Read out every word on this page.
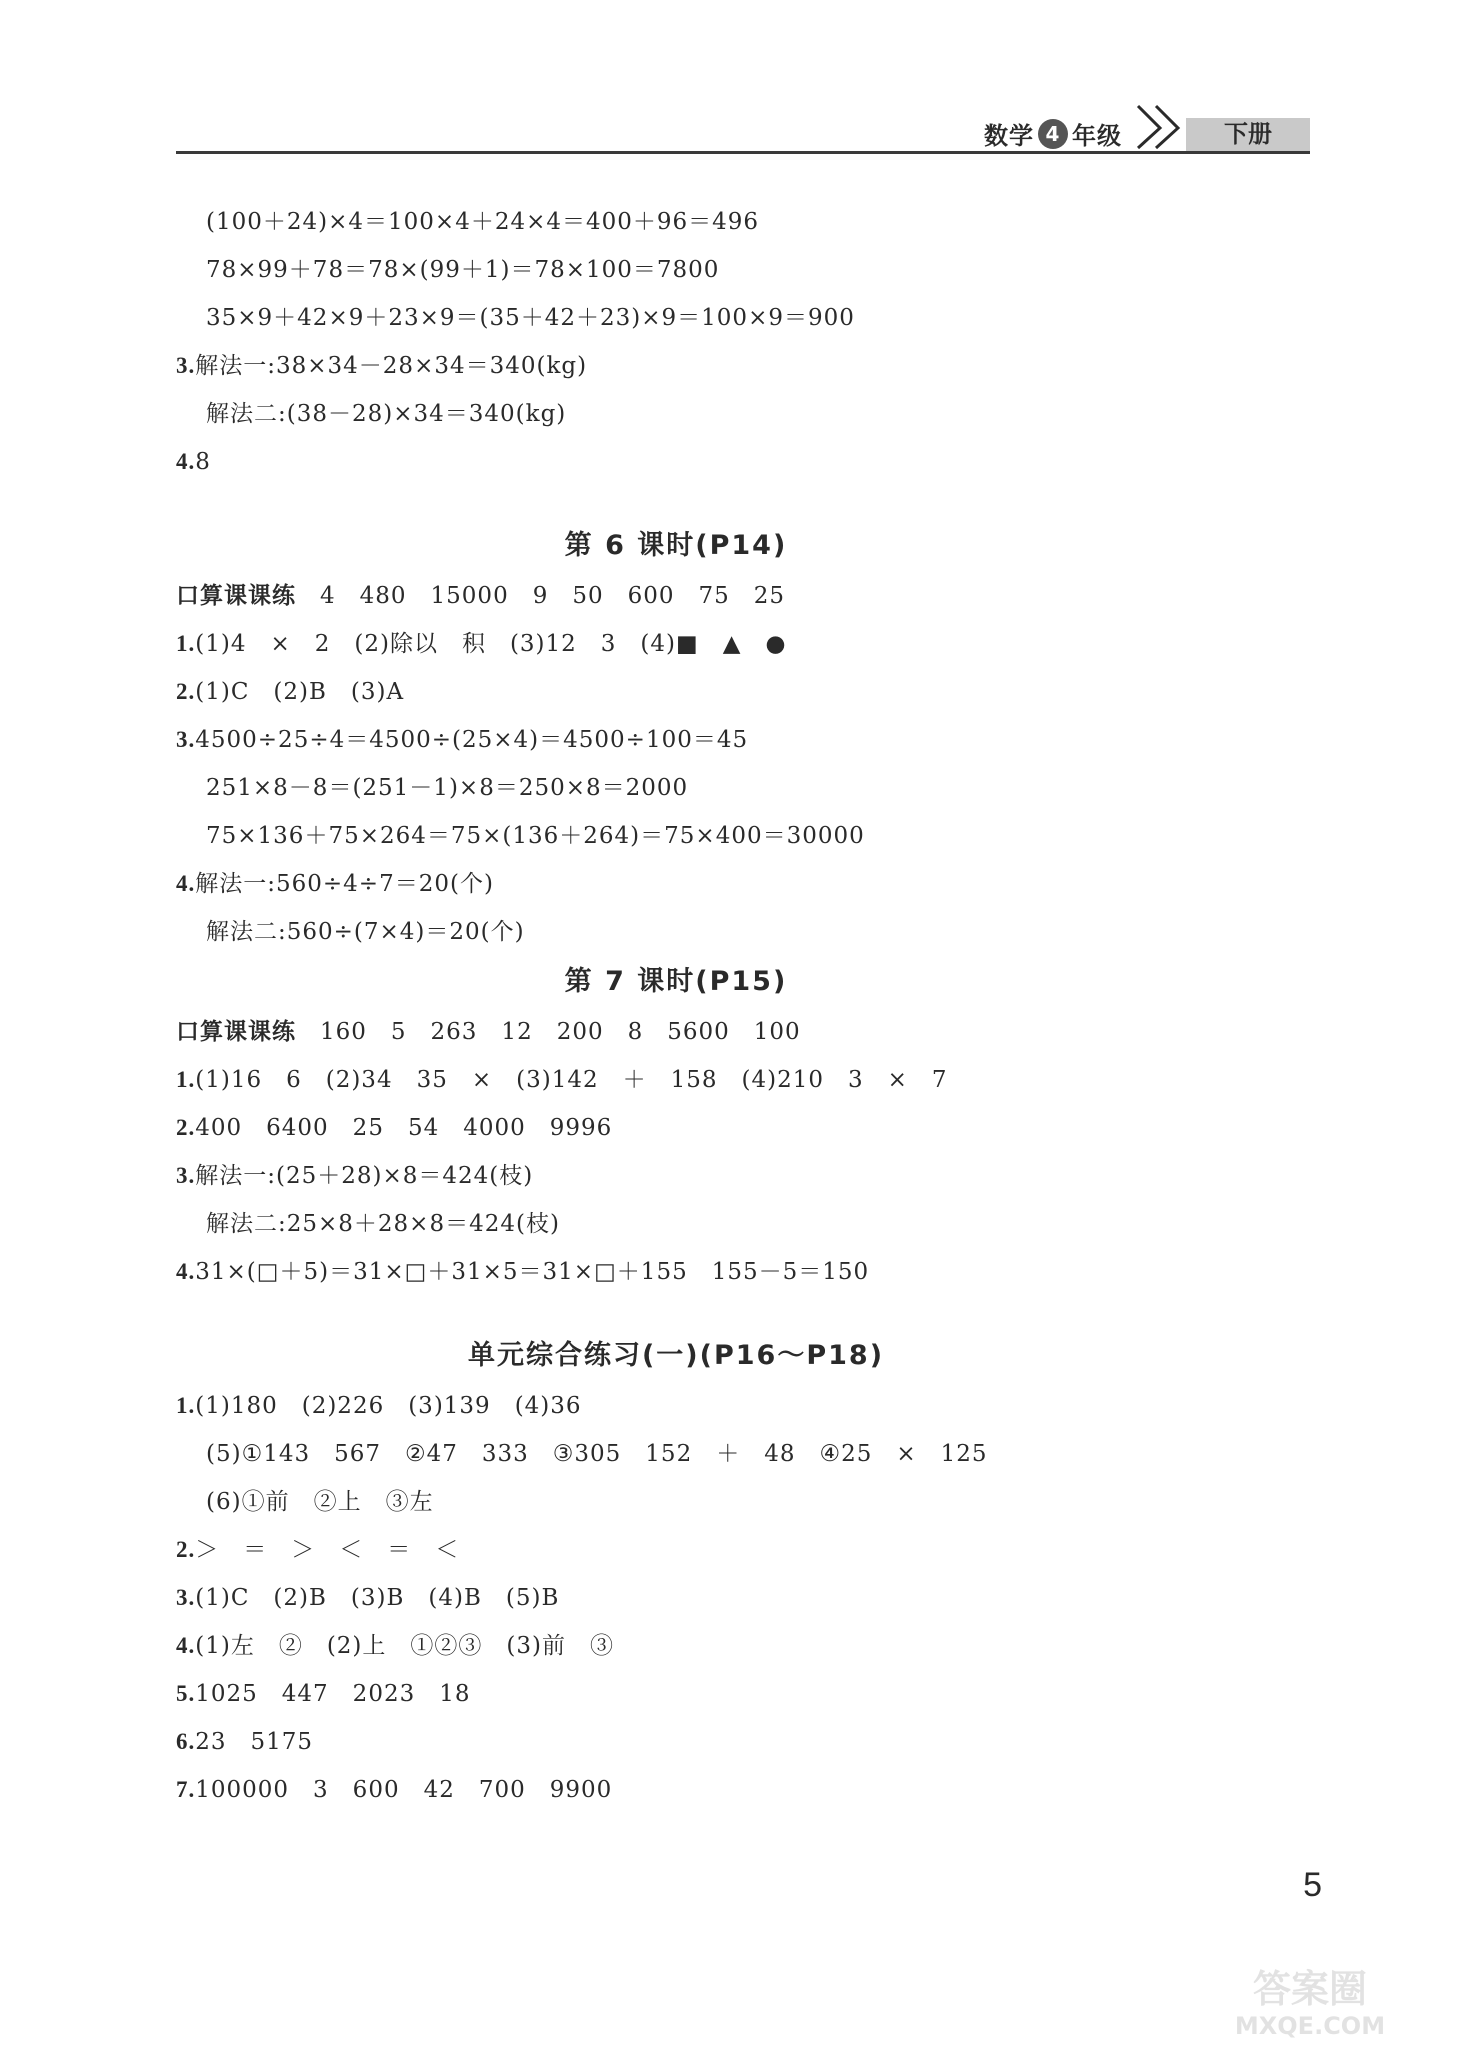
数学 4 年级	下册
(100＋24)×4＝100×4＋24×4＝400＋96＝496
78×99＋78＝78×(99＋1)＝78×100＝7800
35×9＋42×9＋23×9＝(35＋42＋23)×9＝100×9＝900
3.解法一:38×34－28×34＝340(kg)
解法二:(38－28)×34＝340(kg)
4.8
第 6 课时(P14)
口算课课练　 4　480　15000　9　50　600　75　25
1.(1)4　×　2　(2)除以　积　(3)12　3　(4)■　▲　●
2.(1)C　(2)B　(3)A
3.4500÷25÷4＝4500÷(25×4)＝4500÷100＝45
251×8－8＝(251－1)×8＝250×8＝2000
75×136＋75×264＝75×(136＋264)＝75×400＝30000
4.解法一:560÷4÷7＝20(个)
解法二:560÷(7×4)＝20(个)
第 7 课时(P15)
口算课课练　 160　5　263　12　200　8　5600　100
1.(1)16　6　(2)34　35　×　(3)142　＋　158　(4)210　3　×　7
2.400　6400　25　54　4000　9996
3.解法一:(25＋28)×8＝424(枝)
解法二:25×8＋28×8＝424(枝)
4.31×(□＋5)＝31×□＋31×5＝31×□＋155　155－5＝150
单元综合练习(一)(P16～P18)
1.(1)180　(2)226　(3)139　(4)36
(5)①143　567　②47　333　③305　152　＋　48　④25　×　125
(6)①前　②上　③左
2.＞　＝　＞　＜　＝　＜
3.(1)C　(2)B　(3)B　(4)B　(5)B
4.(1)左　②　(2)上　①②③　(3)前　③
5.1025　447　2023　18
6.23　5175
7.100000　3　600　42　700　9900
5
答案圈
MXQE.COM
